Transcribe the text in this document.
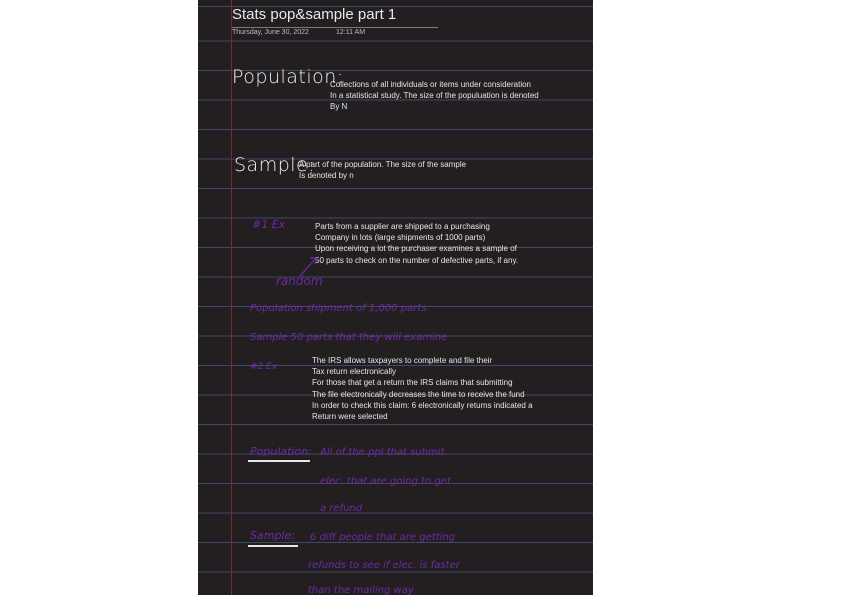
Stats pop&sample part 1
Thursday, June 30, 2022	12:11 AM
Population:
Collections of all individuals or items under consideration
In a statistical study. The size of the populuation is denoted
By N
Sample:
A part of the population. The size of the sample
Is denoted by n
#1 Ex	Parts from a supplier are shipped to a purchasing
Company in lots (large shipments of 1000 parts)
Upon receiving a lot the purchaser examines a sample of
50 parts to check on the number of defective parts, if any.
random
Population shipment of 1,000 parts
Sample 50 parts that they will examine
#2 Ex
The IRS allows taxpayers to complete and file their
Tax return electronically
For those that get a return the IRS claims that submitting
The file electronically decreases the time to receive the fund
In order to check this claim: 6 electronically returns indicated a
Return were selected
Population: All of the ppl that submit
elec. that are going to get
a refund
Sample: 6 diff people that are getting
refunds to see if elec. is faster
than the mailing way
